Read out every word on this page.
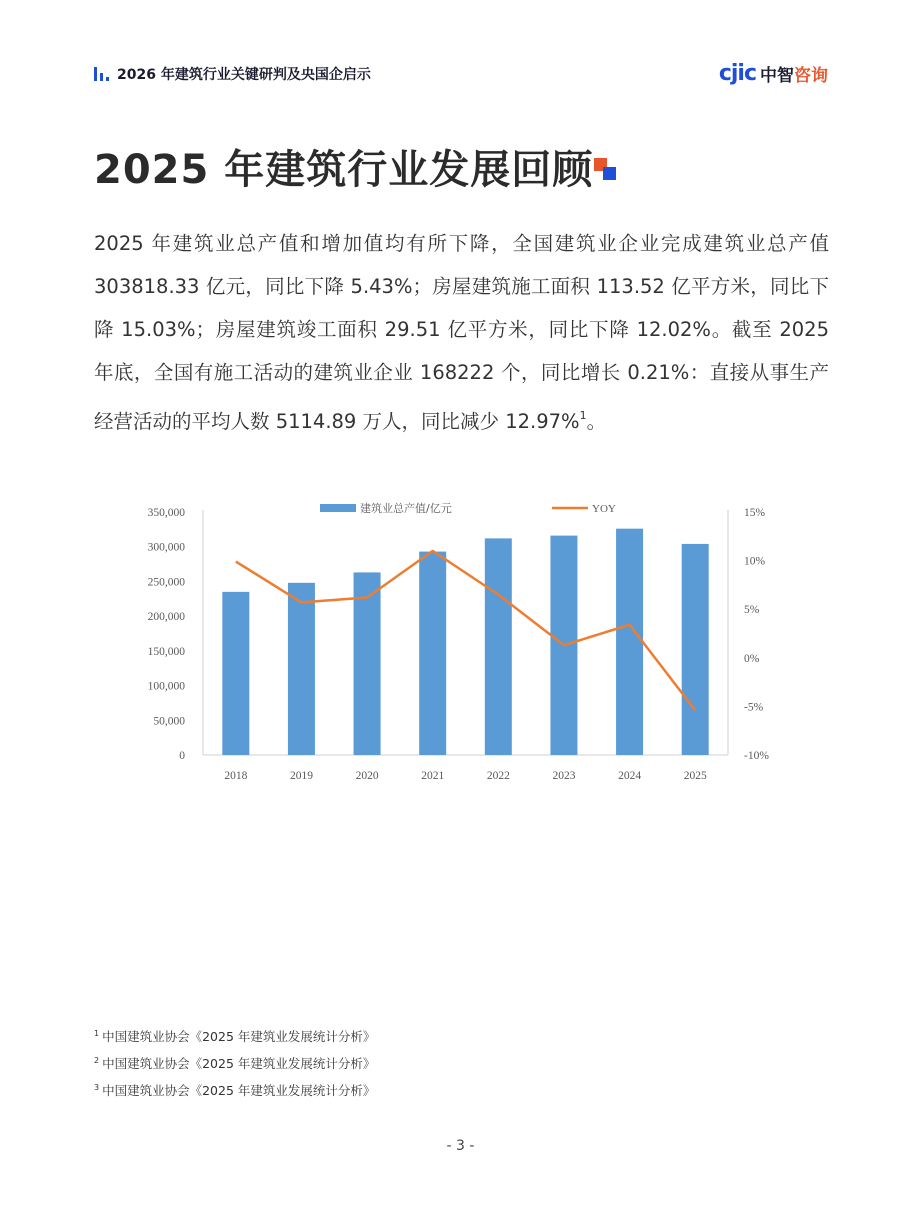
2026 年建筑行业关键研判及央国企启示	cjic 中智咨询
2025 年建筑行业发展回顾
2025 年建筑业总产值和增加值均有所下降，全国建筑业企业完成建筑业总产值 303818.33 亿元，同比下降 5.43%；房屋建筑施工面积 113.52 亿平方米，同比下降 15.03%；房屋建筑竣工面积 29.51 亿平方米，同比下降 12.02%。截至 2025 年底，全国有施工活动的建筑业企业 168222 个，同比增长 0.21%：直接从事生产经营活动的平均人数 5114.89 万人，同比减少 12.97%$^1$。
建筑业总产值/亿元	YOY
0
50,000
100,000
150,000
200,000
250,000
300,000
350,000
-10%
-5%
0%
5%
10%
15%
2018	2019	2020	2021	2022	2023	2024	2025
$^1$ 中国建筑业协会《2025 年建筑业发展统计分析》
$^2$ 中国建筑业协会《2025 年建筑业发展统计分析》
$^3$ 中国建筑业协会《2025 年建筑业发展统计分析》
- 3 -
